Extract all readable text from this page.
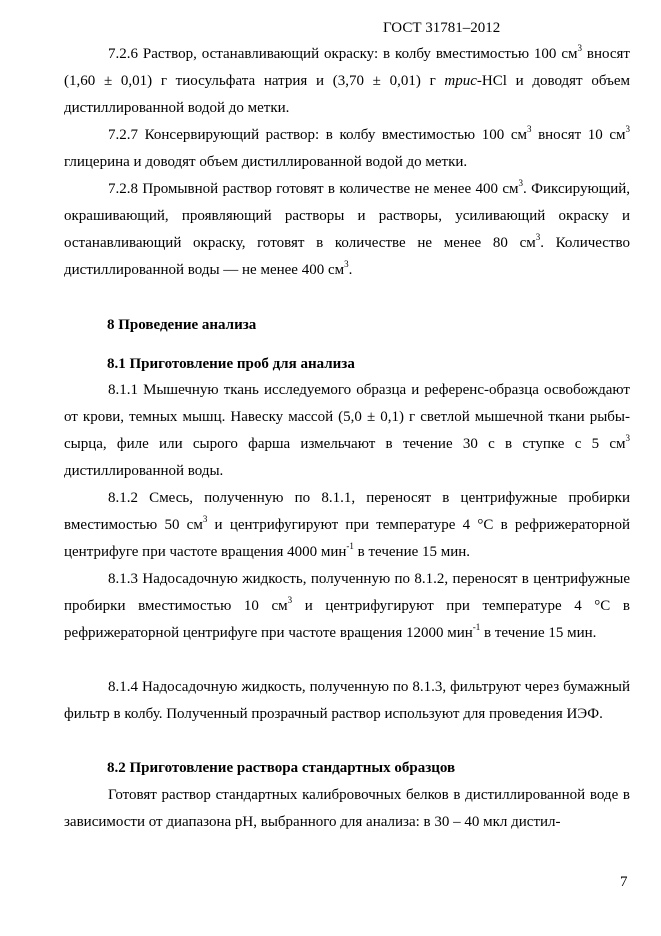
ГОСТ 31781–2012

7.2.6 Раствор, останавливающий окраску: в колбу вместимостью 100 $см^3$ вносят (1,60 ± 0,01) г тиосульфата натрия и (3,70 ± 0,01) г трис-HCl и доводят объем дистиллированной водой до метки.

7.2.7 Консервирующий раствор: в колбу вместимостью 100 $см^3$ вносят 10 $см^3$ глицерина и доводят объем дистиллированной водой до метки.

7.2.8 Промывной раствор готовят в количестве не менее 400 $см^3$. Фиксирующий, окрашивающий, проявляющий растворы и растворы, усиливающий окраску и останавливающий окраску, готовят в количестве не менее 80 $см^3$. Количество дистиллированной воды — не менее 400 $см^3$.

8 Проведение анализа
8.1 Приготовление проб для анализа

8.1.1 Мышечную ткань исследуемого образца и референс-образца освобождают от крови, темных мышц. Навеску массой (5,0 ± 0,1) г светлой мышечной ткани рыбы-сырца, филе или сырого фарша измельчают в течение 30 с в ступке с 5 $см^3$ дистиллированной воды.

8.1.2 Смесь, полученную по 8.1.1, переносят в центрифужные пробирки вместимостью 50 $см^3$ и центрифугируют при температуре 4 °С в рефрижераторной центрифуге при частоте вращения 4000 мин$^{-1}$ в течение 15 мин.

8.1.3 Надосадочную жидкость, полученную по 8.1.2, переносят в центрифужные пробирки вместимостью 10 $см^3$ и центрифугируют при температуре 4 °С в рефрижераторной центрифуге при частоте вращения 12000 мин$^{-1}$ в течение 15 мин.

8.1.4 Надосадочную жидкость, полученную по 8.1.3, фильтруют через бумажный фильтр в колбу. Полученный прозрачный раствор используют для проведения ИЭФ.

8.2 Приготовление раствора стандартных образцов

Готовят раствор стандартных калибровочных белков в дистиллированной воде в зависимости от диапазона pH, выбранного для анализа: в 30 – 40 мкл дистил-

7
